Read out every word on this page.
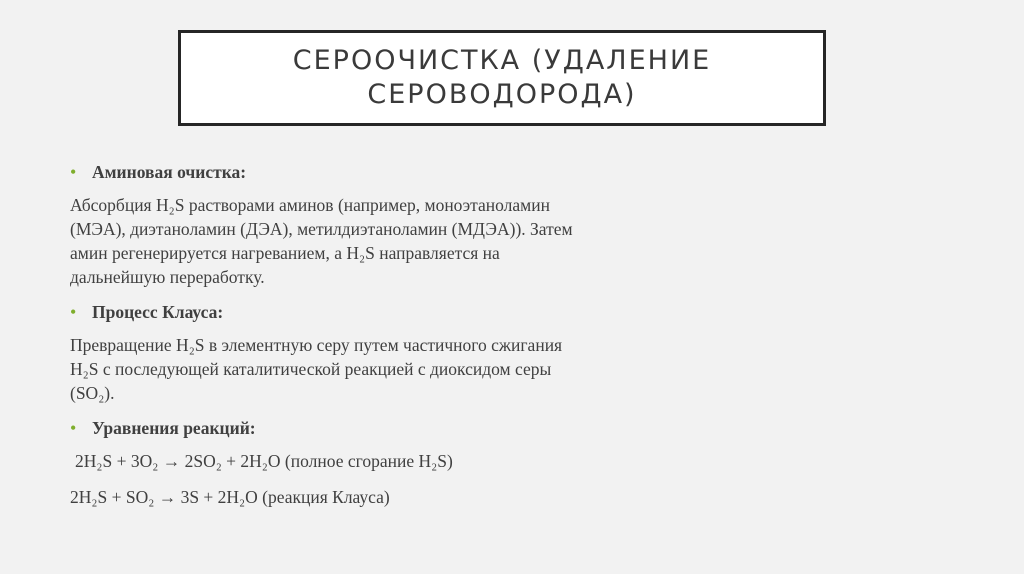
СЕРООЧИСТКА (УДАЛЕНИЕ
СЕРОВОДОРОДА)
• Аминовая очистка:
Абсорбция H₂S растворами аминов (например, моноэтаноламин
(МЭА), диэтаноламин (ДЭА), метилдиэтаноламин (МДЭА)). Затем
амин регенерируется нагреванием, а H₂S направляется на
дальнейшую переработку.
• Процесс Клауса:
Превращение H₂S в элементную серу путем частичного сжигания
H₂S с последующей каталитической реакцией с диоксидом серы
(SO₂).
• Уравнения реакций:
2H₂S + 3O₂ → 2SO₂ + 2H₂O (полное сгорание H₂S)
2H₂S + SO₂ → 3S + 2H₂O (реакция Клауса)
